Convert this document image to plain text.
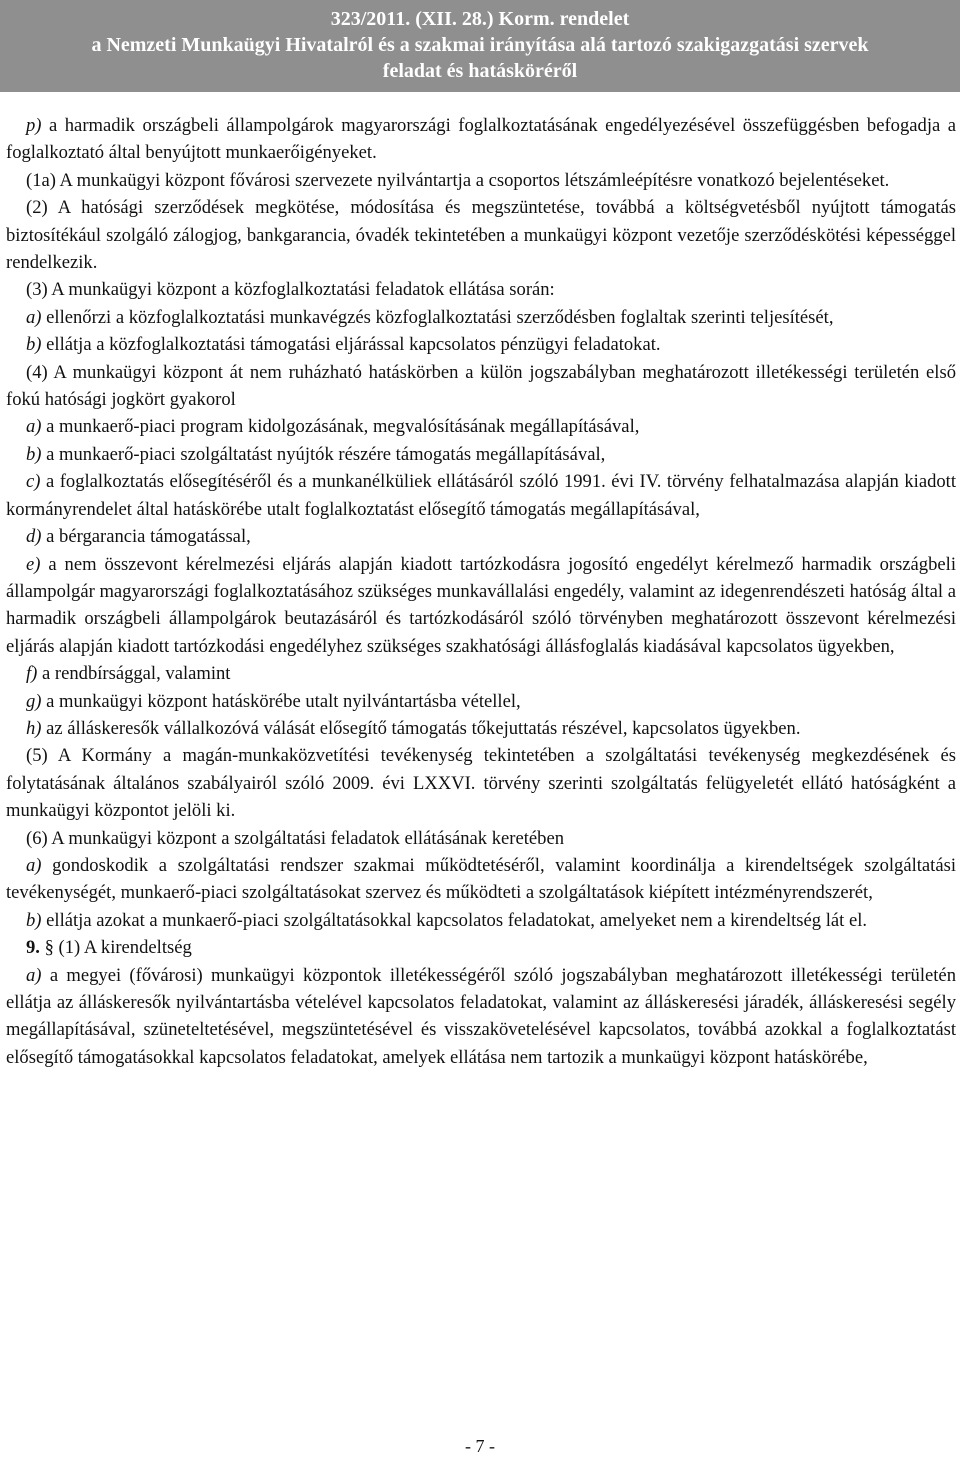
323/2011. (XII. 28.) Korm. rendelet
a Nemzeti Munkaügyi Hivatalról és a szakmai irányítása alá tartozó szakigazgatási szervek
feladat és hatásköréről

p) a harmadik országbeli állampolgárok magyarországi foglalkoztatásának engedélyezésével összefüggésben befogadja a foglalkoztató által benyújtott munkaerőigényeket.

(1a) A munkaügyi központ fővárosi szervezete nyilvántartja a csoportos létszámleépítésre vonatkozó bejelentéseket.

(2) A hatósági szerződések megkötése, módosítása és megszüntetése, továbbá a költségvetésből nyújtott támogatás biztosítékául szolgáló zálogjog, bankgarancia, óvadék tekintetében a munkaügyi központ vezetője szerződéskötési képességgel rendelkezik.

(3) A munkaügyi központ a közfoglalkoztatási feladatok ellátása során:

a) ellenőrzi a közfoglalkoztatási munkavégzés közfoglalkoztatási szerződésben foglaltak szerinti teljesítését,

b) ellátja a közfoglalkoztatási támogatási eljárással kapcsolatos pénzügyi feladatokat.

(4) A munkaügyi központ át nem ruházható hatáskörben a külön jogszabályban meghatározott illetékességi területén első fokú hatósági jogkört gyakorol

a) a munkaerő-piaci program kidolgozásának, megvalósításának megállapításával,

b) a munkaerő-piaci szolgáltatást nyújtók részére támogatás megállapításával,

c) a foglalkoztatás elősegítéséről és a munkanélküliek ellátásáról szóló 1991. évi IV. törvény felhatalmazása alapján kiadott kormányrendelet által hatáskörébe utalt foglalkoztatást elősegítő támogatás megállapításával,

d) a bérgarancia támogatással,

e) a nem összevont kérelmezési eljárás alapján kiadott tartózkodásra jogosító engedélyt kérelmező harmadik országbeli állampolgár magyarországi foglalkoztatásához szükséges munkavállalási engedély, valamint az idegenrendészeti hatóság által a harmadik országbeli állampolgárok beutazásáról és tartózkodásáról szóló törvényben meghatározott összevont kérelmezési eljárás alapján kiadott tartózkodási engedélyhez szükséges szakhatósági állásfoglalás kiadásával kapcsolatos ügyekben,

f) a rendbírsággal, valamint

g) a munkaügyi központ hatáskörébe utalt nyilvántartásba vétellel,

h) az álláskeresők vállalkozóvá válását elősegítő támogatás tőkejuttatás részével, kapcsolatos ügyekben.

(5) A Kormány a magán-munkaközvetítési tevékenység tekintetében a szolgáltatási tevékenység megkezdésének és folytatásának általános szabályairól szóló 2009. évi LXXVI. törvény szerinti szolgáltatás felügyeletét ellátó hatóságként a munkaügyi központot jelöli ki.

(6) A munkaügyi központ a szolgáltatási feladatok ellátásának keretében

a) gondoskodik a szolgáltatási rendszer szakmai működtetéséről, valamint koordinálja a kirendeltségek szolgáltatási tevékenységét, munkaerő-piaci szolgáltatásokat szervez és működteti a szolgáltatások kiépített intézményrendszerét,

b) ellátja azokat a munkaerő-piaci szolgáltatásokkal kapcsolatos feladatokat, amelyeket nem a kirendeltség lát el.

9. § (1) A kirendeltség

a) a megyei (fővárosi) munkaügyi központok illetékességéről szóló jogszabályban meghatározott illetékességi területén ellátja az álláskeresők nyilvántartásba vételével kapcsolatos feladatokat, valamint az álláskeresési járadék, álláskeresési segély megállapításával, szüneteltetésével, megszüntetésével és visszakövetelésével kapcsolatos, továbbá azokkal a foglalkoztatást elősegítő támogatásokkal kapcsolatos feladatokat, amelyek ellátása nem tartozik a munkaügyi központ hatáskörébe,

- 7 -
